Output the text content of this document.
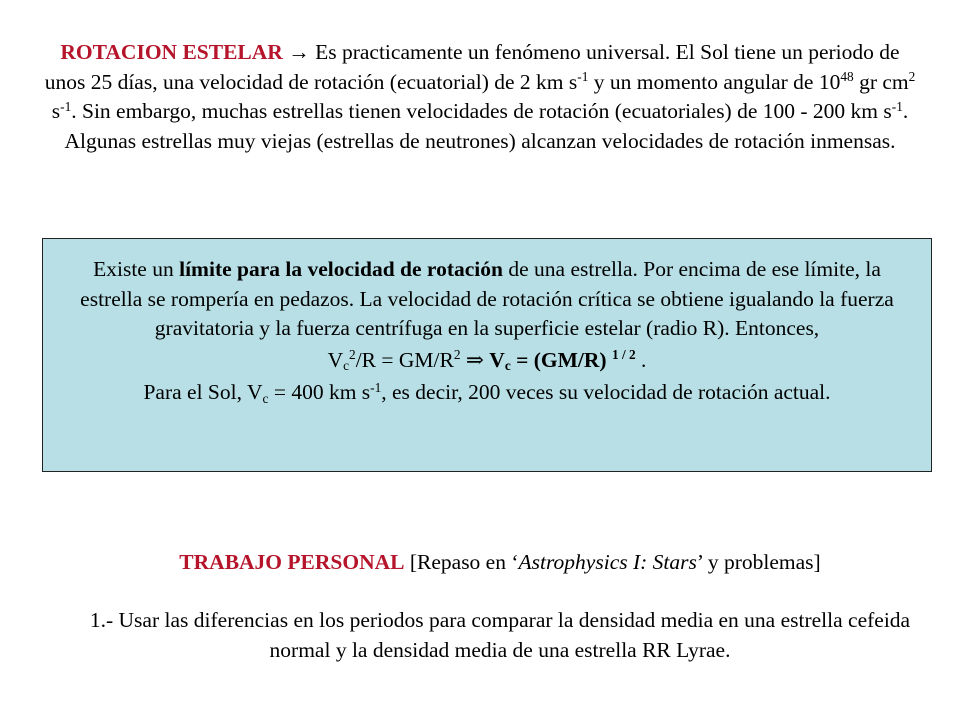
ROTACION ESTELAR → Es practicamente un fenómeno universal. El Sol tiene un periodo de unos 25 días, una velocidad de rotación (ecuatorial) de 2 km $s^{-1}$ y un momento angular de $10^{48}$ gr $cm^2$ $s^{-1}$. Sin embargo, muchas estrellas tienen velocidades de rotación (ecuatoriales) de 100 - 200 km $s^{-1}$. Algunas estrellas muy viejas (estrellas de neutrones) alcanzan velocidades de rotación inmensas.
Existe un límite para la velocidad de rotación de una estrella. Por encima de ese límite, la estrella se rompería en pedazos. La velocidad de rotación crítica se obtiene igualando la fuerza gravitatoria y la fuerza centrífuga en la superficie estelar (radio R). Entonces,
$V_c^2/R = GM/R^2$ ⇒ $V_c = (GM/R)$ $^{1 / 2}$ .
Para el Sol, $V_c = 400$ km $s^{-1}$, es decir, 200 veces su velocidad de rotación actual.
TRABAJO PERSONAL [Repaso en ‘Astrophysics I: Stars’ y problemas]
1.- Usar las diferencias en los periodos para comparar la densidad media en una estrella cefeida normal y la densidad media de una estrella RR Lyrae.
